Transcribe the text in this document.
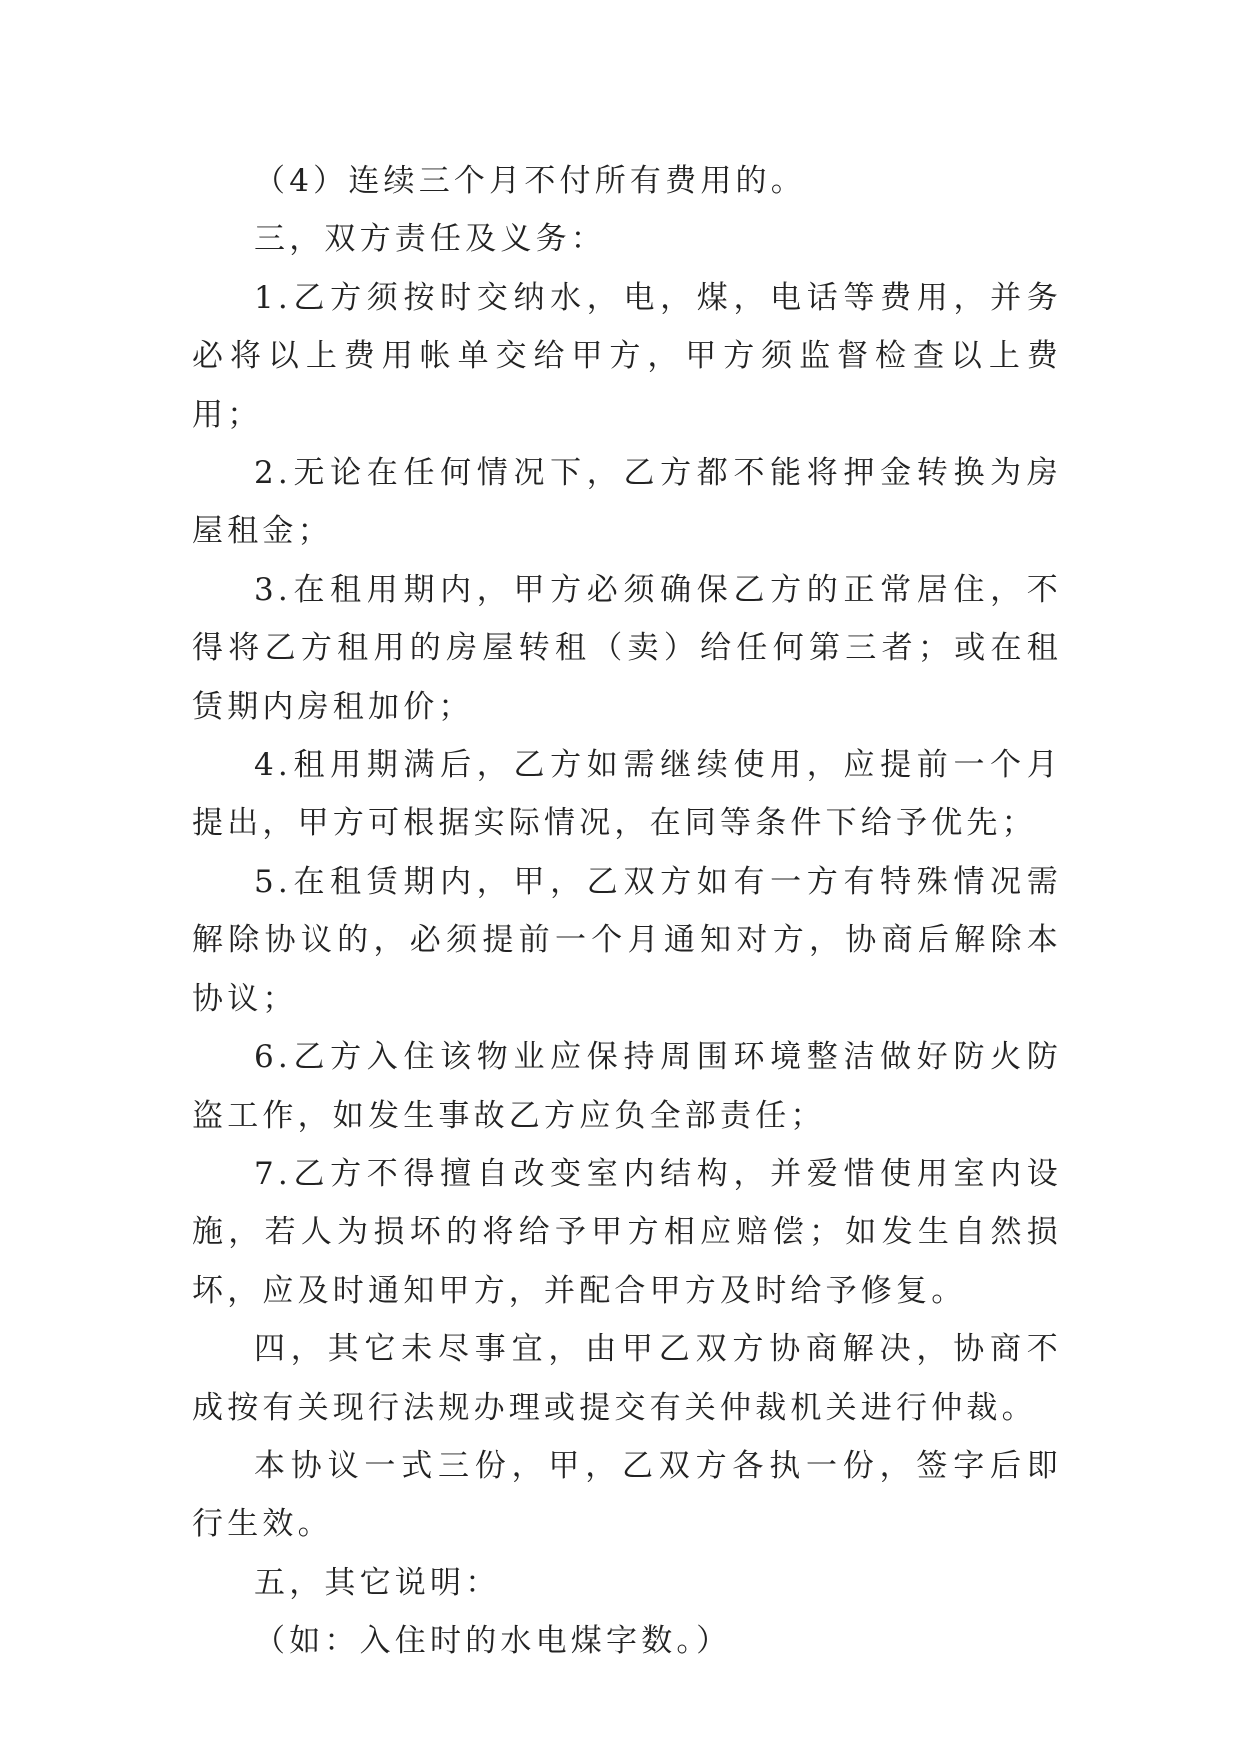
（4）连续三个月不付所有费用的。

三，双方责任及义务：

1.乙方须按时交纳水，电，煤，电话等费用，并务必将以上费用帐单交给甲方，甲方须监督检查以上费用；

2.无论在任何情况下，乙方都不能将押金转换为房屋租金；

3.在租用期内，甲方必须确保乙方的正常居住，不得将乙方租用的房屋转租（卖）给任何第三者；或在租赁期内房租加价；

4.租用期满后，乙方如需继续使用，应提前一个月提出，甲方可根据实际情况，在同等条件下给予优先；

5.在租赁期内，甲，乙双方如有一方有特殊情况需解除协议的，必须提前一个月通知对方，协商后解除本协议；

6.乙方入住该物业应保持周围环境整洁做好防火防盗工作，如发生事故乙方应负全部责任；

7.乙方不得擅自改变室内结构，并爱惜使用室内设施，若人为损坏的将给予甲方相应赔偿；如发生自然损坏，应及时通知甲方，并配合甲方及时给予修复。

四，其它未尽事宜，由甲乙双方协商解决，协商不成按有关现行法规办理或提交有关仲裁机关进行仲裁。

本协议一式三份，甲，乙双方各执一份，签字后即行生效。

五，其它说明：

（如：入住时的水电煤字数。）
